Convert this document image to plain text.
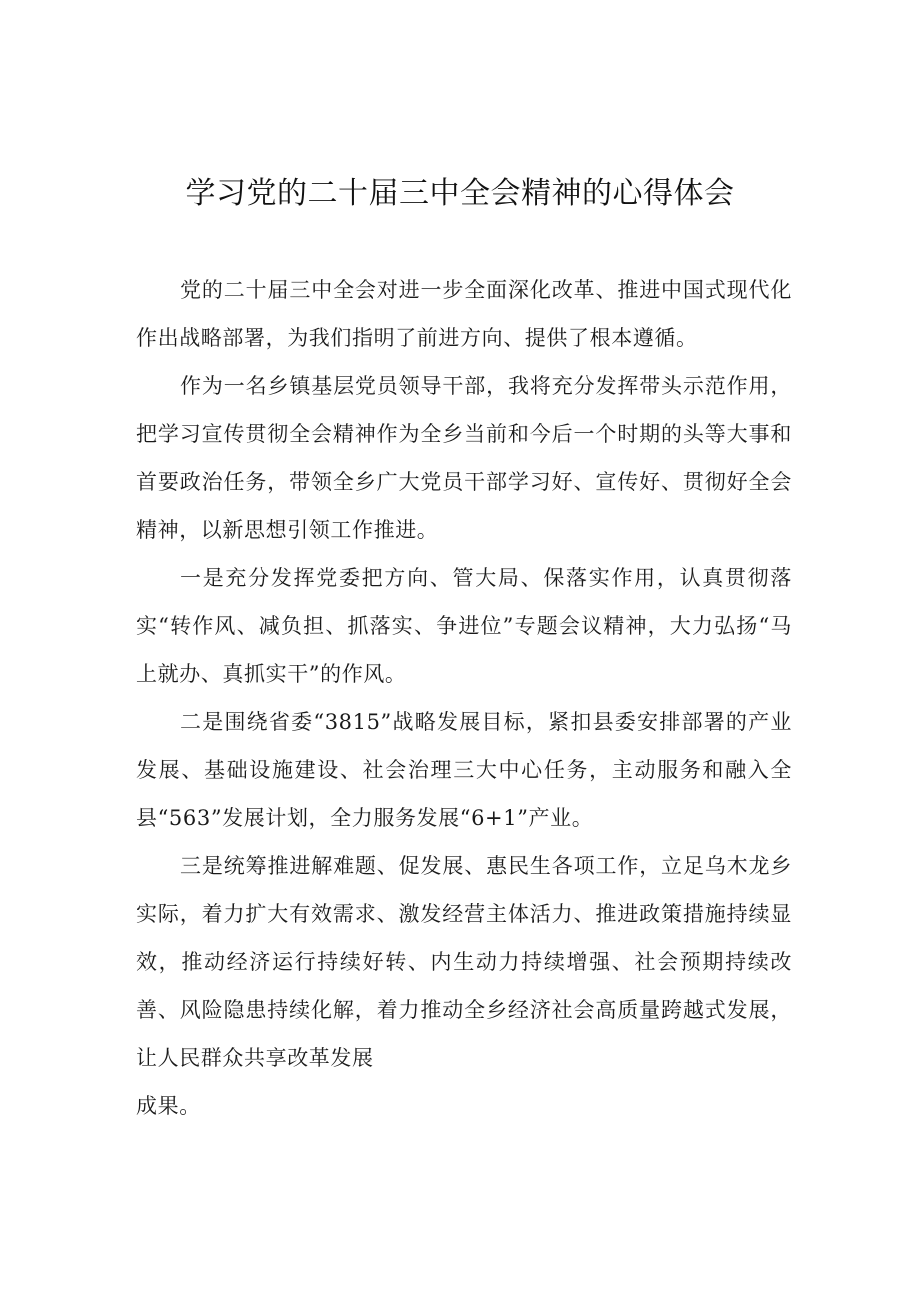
学习党的二十届三中全会精神的心得体会

党的二十届三中全会对进一步全面深化改革、推进中国式现代化作出战略部署，为我们指明了前进方向、提供了根本遵循。

作为一名乡镇基层党员领导干部，我将充分发挥带头示范作用，把学习宣传贯彻全会精神作为全乡当前和今后一个时期的头等大事和首要政治任务，带领全乡广大党员干部学习好、宣传好、贯彻好全会精神，以新思想引领工作推进。

一是充分发挥党委把方向、管大局、保落实作用，认真贯彻落实“转作风、减负担、抓落实、争进位”专题会议精神，大力弘扬“马上就办、真抓实干”的作风。

二是围绕省委“3815”战略发展目标，紧扣县委安排部署的产业发展、基础设施建设、社会治理三大中心任务，主动服务和融入全县“563”发展计划，全力服务发展“6+1”产业。

三是统筹推进解难题、促发展、惠民生各项工作，立足乌木龙乡实际，着力扩大有效需求、激发经营主体活力、推进政策措施持续显效，推动经济运行持续好转、内生动力持续增强、社会预期持续改善、风险隐患持续化解，着力推动全乡经济社会高质量跨越式发展，让人民群众共享改革发展

成果。
